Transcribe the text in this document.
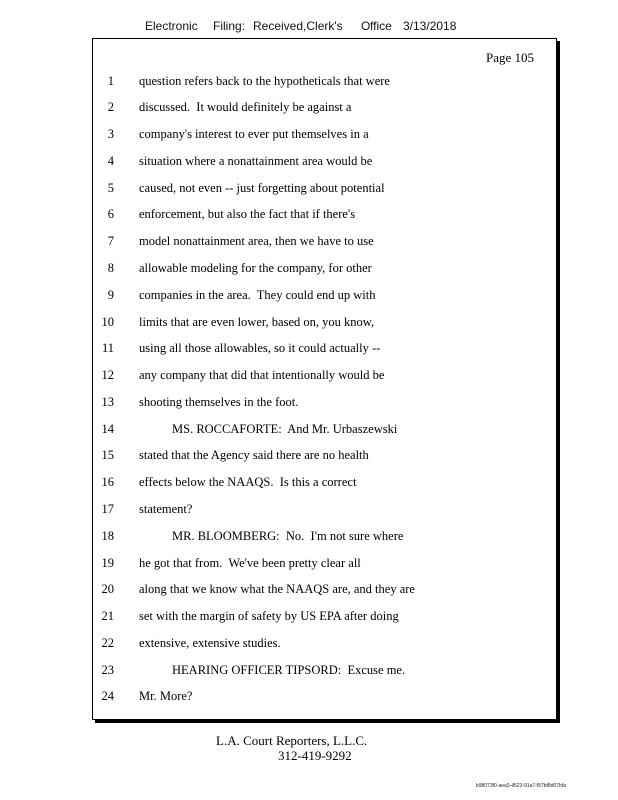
Electronic Filing: Received,Clerk's O ffice 3/13/2018
Page 105
1 question refers back to the hypotheticals that were
2 discussed.  It would definitely be against a
3 company's interest to ever put themselves in a
4 situation where a nonattainment area would be
5 caused, not even -- just forgetting about potential
6 enforcement, but also the fact that if there's
7 model nonattainment area, then we have to use
8 allowable modeling for the company, for other
9 companies in the area.  They could end up with
10 limits that are even lower, based on, you know,
11 using all those allowables, so it could actually --
12 any company that did that intentionally would be
13 shooting themselves in the foot.
14	MS. ROCCAFORTE:  And Mr. Urbaszewski
15 stated that the Agency said there are no health
16 effects below the NAAQS.  Is this a correct
17 statement?
18	MR. BLOOMBERG:  No.  I'm not sure where
19 he got that from.  We've been pretty clear all
20 along that we know what the NAAQS are, and they are
21 set with the margin of safety by US EPA after doing
22 extensive, extensive studies.
23	HEARING OFFICER TIPSORD:  Excuse me.
24 Mr. More?
L.A. Court Reporters, L.L.C.
312-419-9292
b98073f0-aea3-4523-91a7-f57bf8d07bfa
